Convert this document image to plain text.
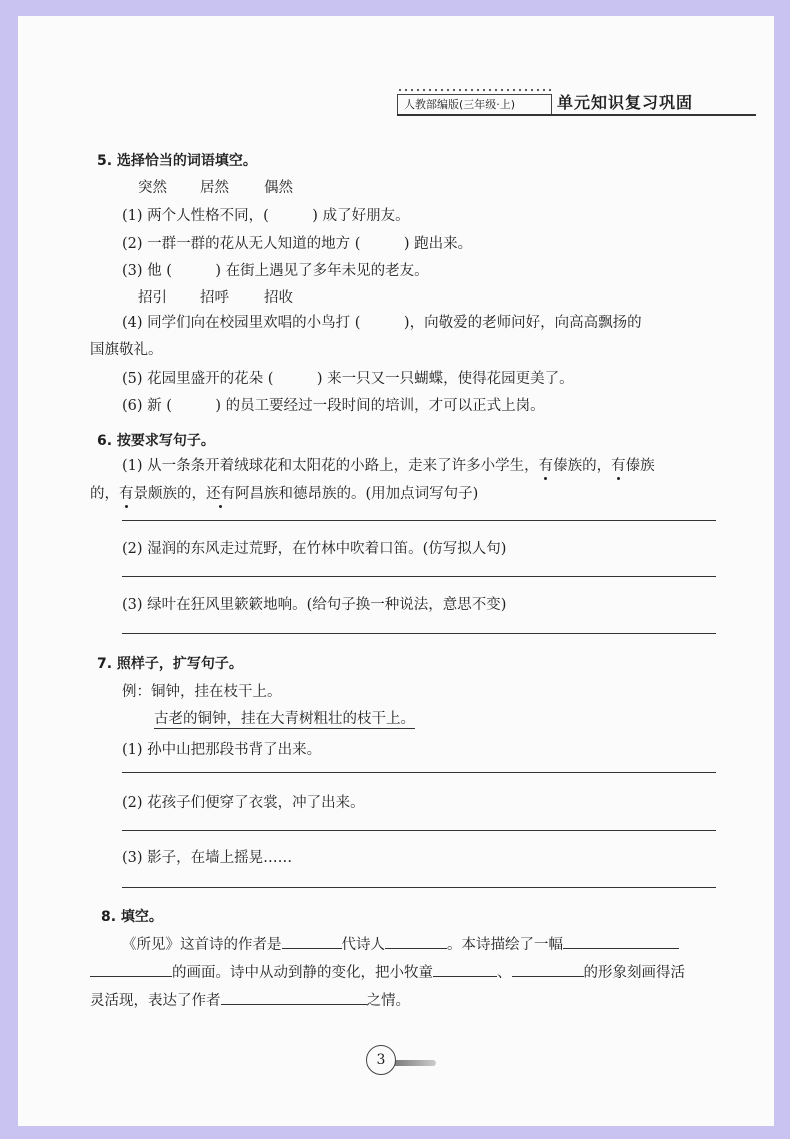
人教部编版(三年级·上)	单元知识复习巩固
5. 选择恰当的词语填空。
突然 居然 偶然
(1) 两个人性格不同，(　　　) 成了好朋友。
(2) 一群一群的花从无人知道的地方 (　　　) 跑出来。
(3) 他 (　　　) 在街上遇见了多年未见的老友。
招引 招呼 招收
(4) 同学们向在校园里欢唱的小鸟打 (　　　)，向敬爱的老师问好，向高高飘扬的
国旗敬礼。
(5) 花园里盛开的花朵 (　　　) 来一只又一只蝴蝶，使得花园更美了。
(6) 新 (　　　) 的员工要经过一段时间的培训，才可以正式上岗。
6. 按要求写句子。
(1) 从一条条开着绒球花和太阳花的小路上，走来了许多小学生，有傣族的，有傣族
的，有景颇族的，还有阿昌族和德昂族的。(用加点词写句子)
(2) 湿润的东风走过荒野，在竹林中吹着口笛。(仿写拟人句)
(3) 绿叶在狂风里簌簌地响。(给句子换一种说法，意思不变)
7. 照样子，扩写句子。
例：铜钟，挂在枝干上。
古老的铜钟，挂在大青树粗壮的枝干上。
(1) 孙中山把那段书背了出来。
(2) 花孩子们便穿了衣裳，冲了出来。
(3) 影子，在墙上摇晃……
8. 填空。
《所见》这首诗的作者是	代诗人	。本诗描绘了一幅
的画面。诗中从动到静的变化，把小牧童	、	的形象刻画得活
灵活现，表达了作者	之情。
3
